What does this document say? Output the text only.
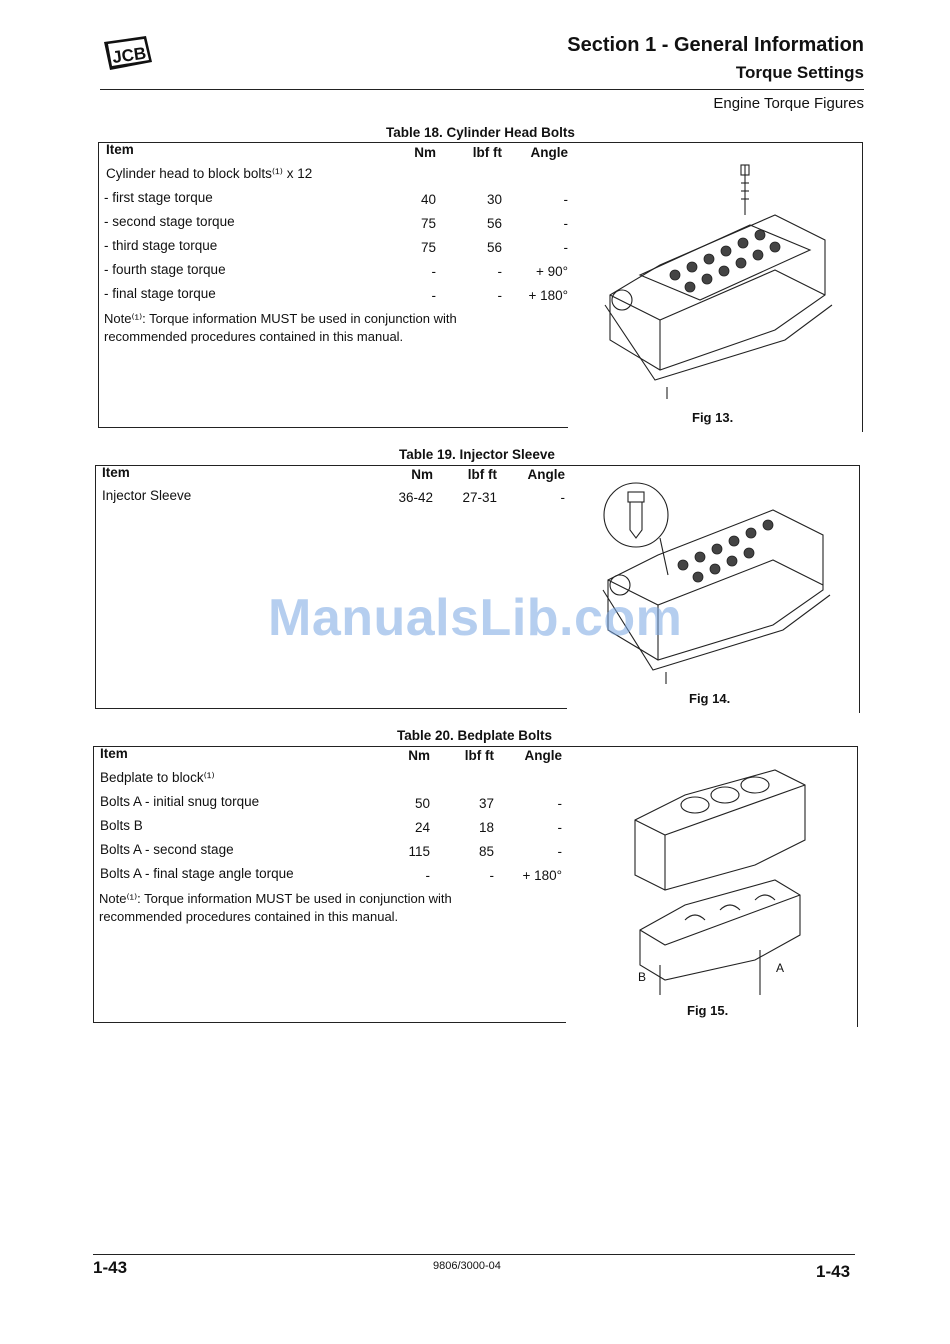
JCB	Section 1 - General Information
Torque Settings
Engine Torque Figures
Table 18. Cylinder Head Bolts
Item	Nm	lbf ft	Angle
Cylinder head to block bolts⁽¹⁾ x 12
- first stage torque	40	30	-
- second stage torque	75	56	-
- third stage torque	75	56	-
- fourth stage torque	-	-	+ 90°
- final stage torque	-	-	+ 180°
Note⁽¹⁾: Torque information MUST be used in conjunction with recommended procedures contained in this manual.
Fig 13.
Table 19. Injector Sleeve
Item	Nm	lbf ft	Angle
Injector Sleeve	36-42	27-31	-
Fig 14.
Table 20. Bedplate Bolts
Item	Nm	lbf ft	Angle
Bedplate to block⁽¹⁾
Bolts A - initial snug torque	50	37	-
Bolts B	24	18	-
Bolts A - second stage	115	85	-
Bolts A - final stage angle torque	-	-	+ 180°
Note⁽¹⁾: Torque information MUST be used in conjunction with recommended procedures contained in this manual.
B
A
Fig 15.
ManualsLib.com
1-43	9806/3000-04	1-43
